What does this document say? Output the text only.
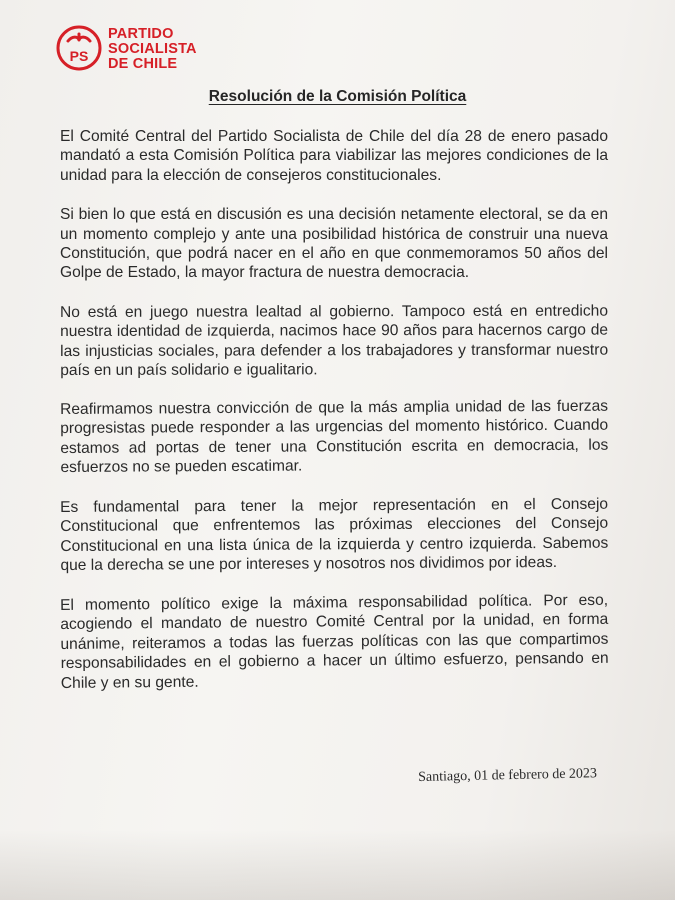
PS
PARTIDO
SOCIALISTA
DE CHILE
Resolución de la Comisión Política

El Comité Central del Partido Socialista de Chile del día 28 de enero pasado mandató a esta Comisión Política para viabilizar las mejores condiciones de la unidad para la elección de consejeros constitucionales.

Si bien lo que está en discusión es una decisión netamente electoral, se da en un momento complejo y ante una posibilidad histórica de construir una nueva Constitución, que podrá nacer en el año en que conmemoramos 50 años del Golpe de Estado, la mayor fractura de nuestra democracia.

No está en juego nuestra lealtad al gobierno. Tampoco está en entredicho nuestra identidad de izquierda, nacimos hace 90 años para hacernos cargo de las injusticias sociales, para defender a los trabajadores y transformar nuestro país en un país solidario e igualitario.

Reafirmamos nuestra convicción de que la más amplia unidad de las fuerzas progresistas puede responder a las urgencias del momento histórico. Cuando estamos ad portas de tener una Constitución escrita en democracia, los esfuerzos no se pueden escatimar.

Es fundamental para tener la mejor representación en el Consejo Constitucional que enfrentemos las próximas elecciones del Consejo Constitucional en una lista única de la izquierda y centro izquierda. Sabemos que la derecha se une por intereses y nosotros nos dividimos por ideas.

El momento político exige la máxima responsabilidad política. Por eso, acogiendo el mandato de nuestro Comité Central por la unidad, en forma unánime, reiteramos a todas las fuerzas políticas con las que compartimos responsabilidades en el gobierno a hacer un último esfuerzo, pensando en Chile y en su gente.

Santiago, 01 de febrero de 2023
